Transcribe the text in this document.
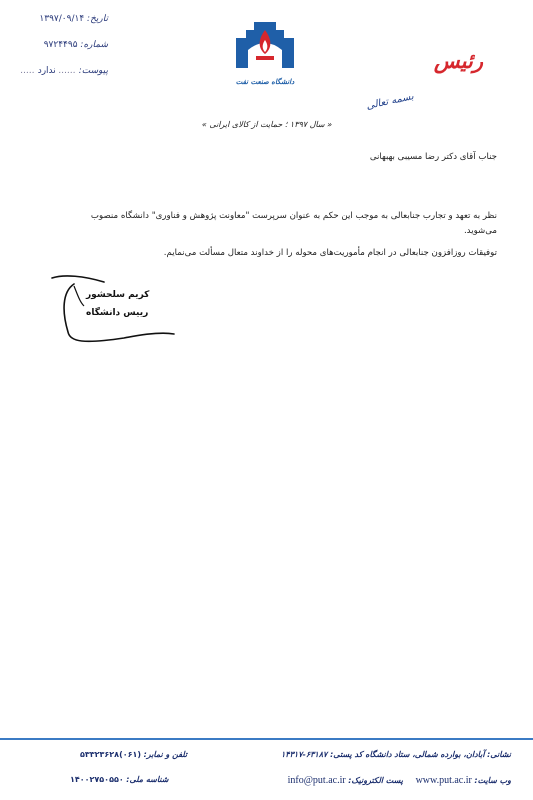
تاریخ: ۱۳۹۷/۰۹/۱۴
شماره: ۹۷۲۴۴۹۵
پیوست: ...... ندارد .....
دانشگاه صنعت نفت
رئیس
بسمه تعالی
« سال ۱۳۹۷ ؛ حمایت از کالای ایرانی »
جناب آقای دکتر رضا مسیبی بهبهانی
نظر به تعهد و تجارب جنابعالی به موجب این حکم به عنوان سرپرست "معاونت پژوهش و فناوری" دانشگاه منصوب
می‌شوید.
توفیقات روزافزون جنابعالی در انجام مأموریت‌های محوله را از خداوند متعال مسألت می‌نمایم.
کریم سلحشور
رییس دانشگاه
نشانی: آبادان، بوارده شمالی، ستاد دانشگاه کد پستی: ۶۳۱۸۷-۱۴۳۱۷
تلفن و نمابر: (۰۶۱)۵۳۳۲۳۶۲۸
وب سایت: www.put.ac.ir پست الکترونیک: info@put.ac.ir
شناسه ملی: ۱۴۰۰۲۷۵۰۵۵۰
